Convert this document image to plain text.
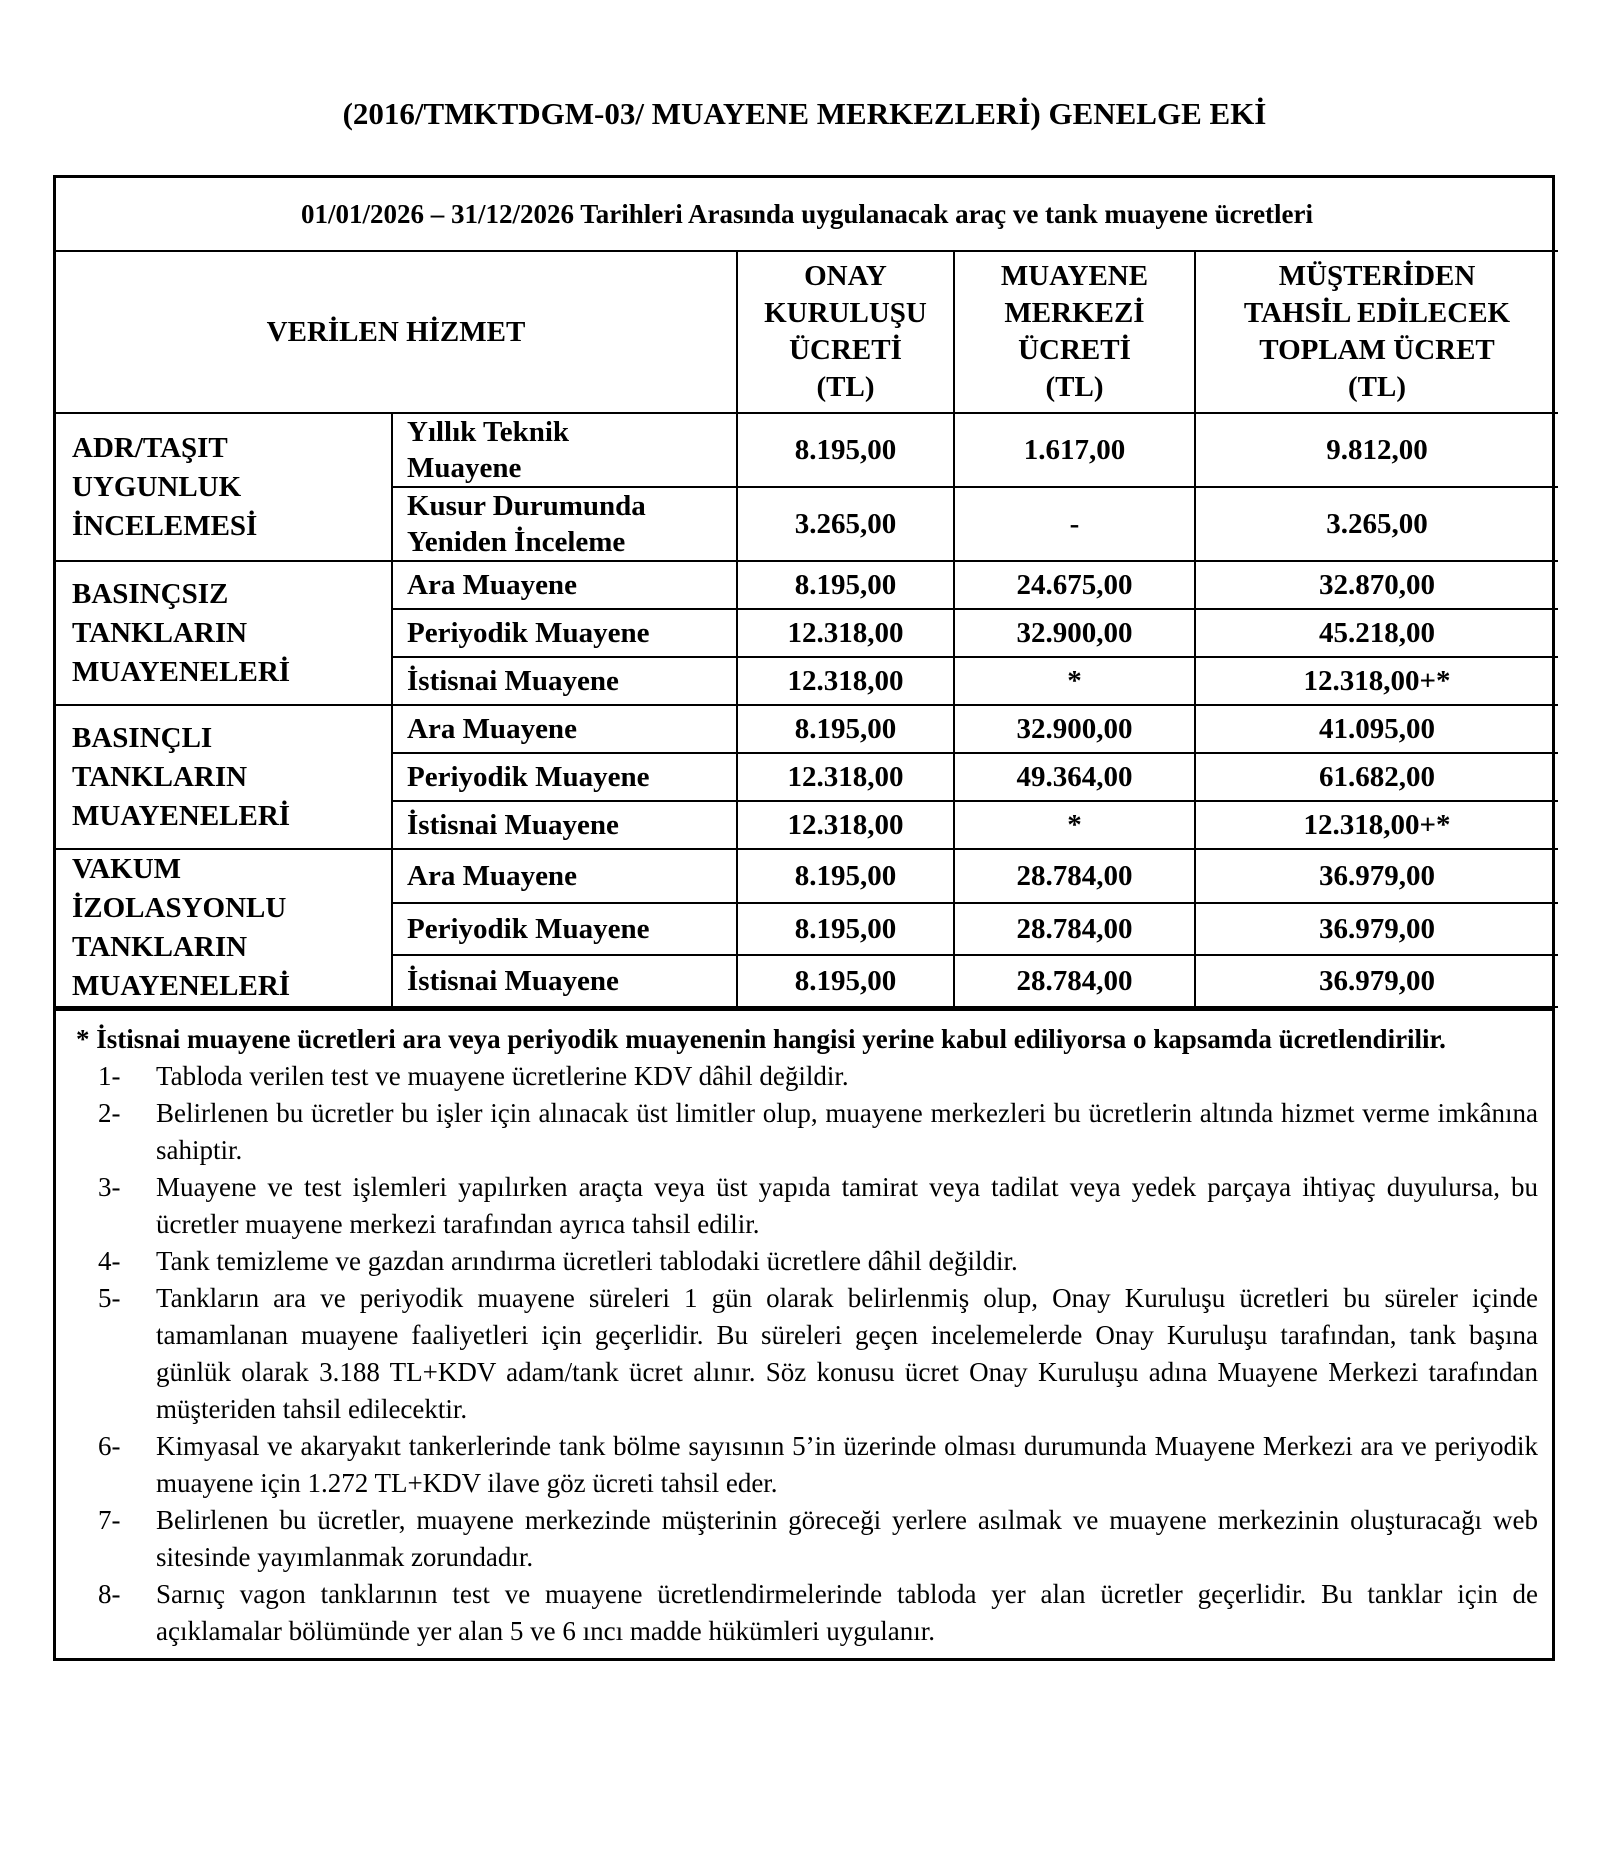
(2016/TMKTDGM-03/ MUAYENE MERKEZLERİ) GENELGE EKİ
01/01/2026 – 31/12/2026 Tarihleri Arasında uygulanacak araç ve tank muayene ücretleri				
VERİLEN HİZMET		ONAY
KURULUŞU
ÜCRETİ
(TL)	MUAYENE
MERKEZİ
ÜCRETİ
(TL)	MÜŞTERİDEN
TAHSİL EDİLECEK
TOPLAM ÜCRET
(TL)
ADR/TAŞIT
UYGUNLUK
İNCELEMESİ	Yıllık Teknik
Muayene	8.195,00	1.617,00	9.812,00
	Kusur Durumunda
Yeniden İnceleme	3.265,00	-	3.265,00
BASINÇSIZ
TANKLARIN
MUAYENELERİ	Ara Muayene	8.195,00	24.675,00	32.870,00
	Periyodik Muayene	12.318,00	32.900,00	45.218,00
	İstisnai Muayene	12.318,00	*	12.318,00+*
BASINÇLI
TANKLARIN
MUAYENELERİ	Ara Muayene	8.195,00	32.900,00	41.095,00
	Periyodik Muayene	12.318,00	49.364,00	61.682,00
	İstisnai Muayene	12.318,00	*	12.318,00+*
VAKUM
İZOLASYONLU
TANKLARIN
MUAYENELERİ	Ara Muayene	8.195,00	28.784,00	36.979,00
	Periyodik Muayene	8.195,00	28.784,00	36.979,00
	İstisnai Muayene	8.195,00	28.784,00	36.979,00
* İstisnai muayene ücretleri ara veya periyodik muayenenin hangisi yerine kabul ediliyorsa o kapsamda ücretlendirilir.
1- Tabloda verilen test ve muayene ücretlerine KDV dâhil değildir.
2- Belirlenen bu ücretler bu işler için alınacak üst limitler olup, muayene merkezleri bu ücretlerin altında hizmet verme imkânına sahiptir.
3- Muayene ve test işlemleri yapılırken araçta veya üst yapıda tamirat veya tadilat veya yedek parçaya ihtiyaç duyulursa, bu ücretler muayene merkezi tarafından ayrıca tahsil edilir.
4- Tank temizleme ve gazdan arındırma ücretleri tablodaki ücretlere dâhil değildir.
5- Tankların ara ve periyodik muayene süreleri 1 gün olarak belirlenmiş olup, Onay Kuruluşu ücretleri bu süreler içinde tamamlanan muayene faaliyetleri için geçerlidir. Bu süreleri geçen incelemelerde Onay Kuruluşu tarafından, tank başına günlük olarak 3.188 TL+KDV adam/tank ücret alınır. Söz konusu ücret Onay Kuruluşu adına Muayene Merkezi tarafından müşteriden tahsil edilecektir.
6- Kimyasal ve akaryakıt tankerlerinde tank bölme sayısının 5’in üzerinde olması durumunda Muayene Merkezi ara ve periyodik muayene için 1.272 TL+KDV ilave göz ücreti tahsil eder.
7- Belirlenen bu ücretler, muayene merkezinde müşterinin göreceği yerlere asılmak ve muayene merkezinin oluşturacağı web sitesinde yayımlanmak zorundadır.
8- Sarnıç vagon tanklarının test ve muayene ücretlendirmelerinde tabloda yer alan ücretler geçerlidir. Bu tanklar için de açıklamalar bölümünde yer alan 5 ve 6 ıncı madde hükümleri uygulanır.
